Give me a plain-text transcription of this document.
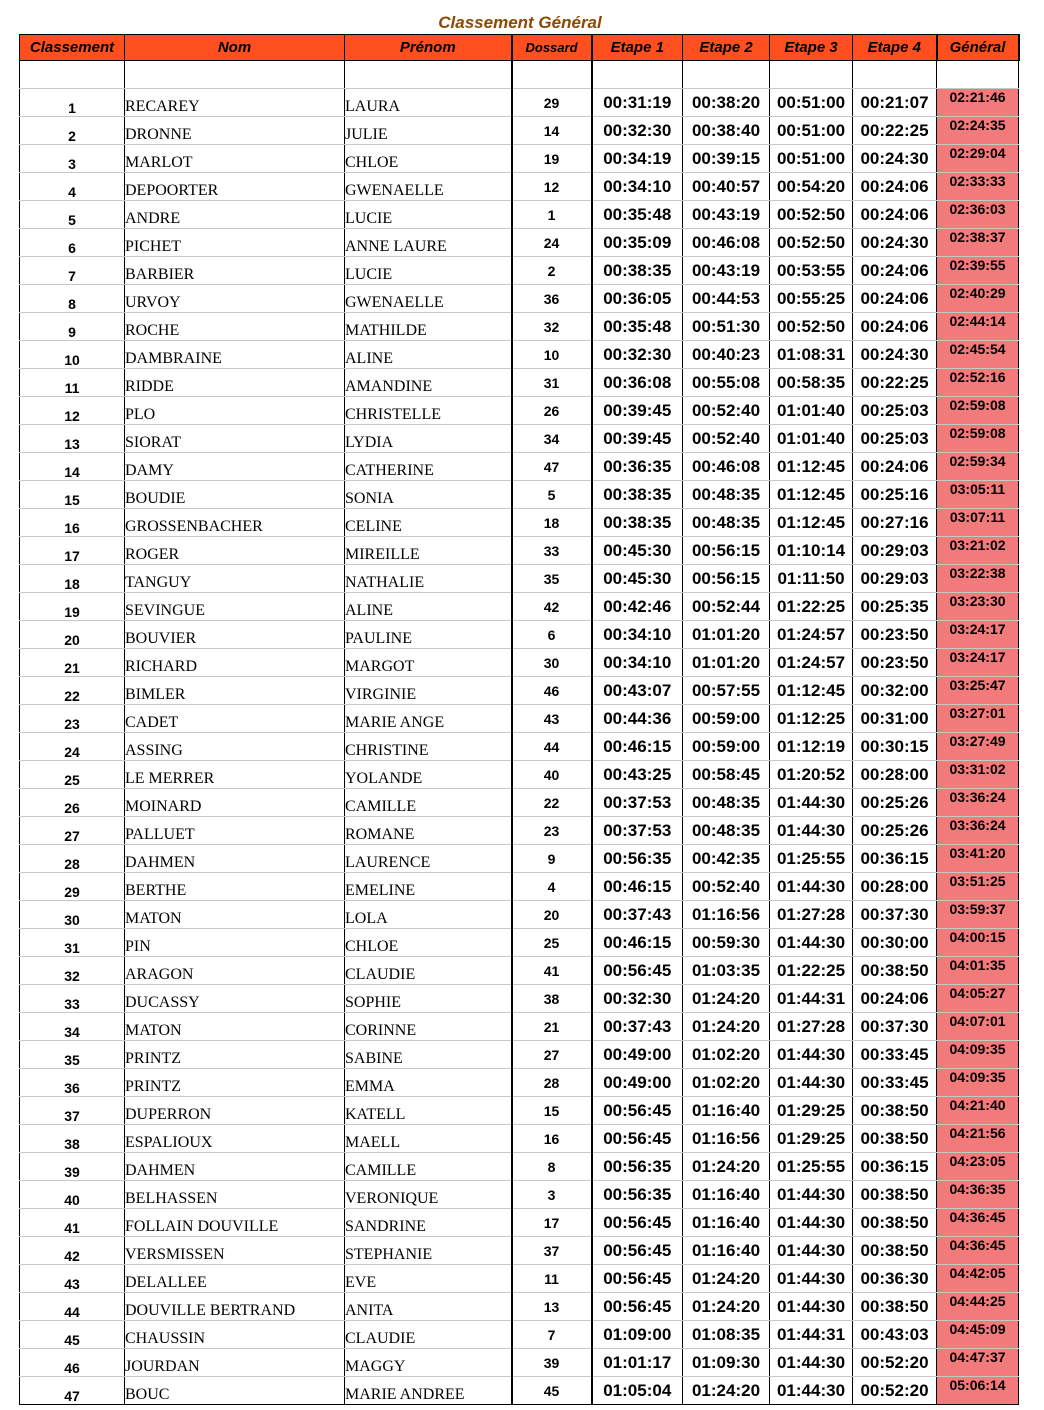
Classement Général
Classement	Nom	Prénom	Dossard	Etape 1	Etape 2	Etape 3	Etape 4	Général

1	RECAREY	LAURA	29	00:31:19	00:38:20	00:51:00	00:21:07	02:21:46
2	DRONNE	JULIE	14	00:32:30	00:38:40	00:51:00	00:22:25	02:24:35
3	MARLOT	CHLOE	19	00:34:19	00:39:15	00:51:00	00:24:30	02:29:04
4	DEPOORTER	GWENAELLE	12	00:34:10	00:40:57	00:54:20	00:24:06	02:33:33
5	ANDRE	LUCIE	1	00:35:48	00:43:19	00:52:50	00:24:06	02:36:03
6	PICHET	ANNE LAURE	24	00:35:09	00:46:08	00:52:50	00:24:30	02:38:37
7	BARBIER	LUCIE	2	00:38:35	00:43:19	00:53:55	00:24:06	02:39:55
8	URVOY	GWENAELLE	36	00:36:05	00:44:53	00:55:25	00:24:06	02:40:29
9	ROCHE	MATHILDE	32	00:35:48	00:51:30	00:52:50	00:24:06	02:44:14
10	DAMBRAINE	ALINE	10	00:32:30	00:40:23	01:08:31	00:24:30	02:45:54
11	RIDDE	AMANDINE	31	00:36:08	00:55:08	00:58:35	00:22:25	02:52:16
12	PLO	CHRISTELLE	26	00:39:45	00:52:40	01:01:40	00:25:03	02:59:08
13	SIORAT	LYDIA	34	00:39:45	00:52:40	01:01:40	00:25:03	02:59:08
14	DAMY	CATHERINE	47	00:36:35	00:46:08	01:12:45	00:24:06	02:59:34
15	BOUDIE	SONIA	5	00:38:35	00:48:35	01:12:45	00:25:16	03:05:11
16	GROSSENBACHER	CELINE	18	00:38:35	00:48:35	01:12:45	00:27:16	03:07:11
17	ROGER	MIREILLE	33	00:45:30	00:56:15	01:10:14	00:29:03	03:21:02
18	TANGUY	NATHALIE	35	00:45:30	00:56:15	01:11:50	00:29:03	03:22:38
19	SEVINGUE	ALINE	42	00:42:46	00:52:44	01:22:25	00:25:35	03:23:30
20	BOUVIER	PAULINE	6	00:34:10	01:01:20	01:24:57	00:23:50	03:24:17
21	RICHARD	MARGOT	30	00:34:10	01:01:20	01:24:57	00:23:50	03:24:17
22	BIMLER	VIRGINIE	46	00:43:07	00:57:55	01:12:45	00:32:00	03:25:47
23	CADET	MARIE ANGE	43	00:44:36	00:59:00	01:12:25	00:31:00	03:27:01
24	ASSING	CHRISTINE	44	00:46:15	00:59:00	01:12:19	00:30:15	03:27:49
25	LE MERRER	YOLANDE	40	00:43:25	00:58:45	01:20:52	00:28:00	03:31:02
26	MOINARD	CAMILLE	22	00:37:53	00:48:35	01:44:30	00:25:26	03:36:24
27	PALLUET	ROMANE	23	00:37:53	00:48:35	01:44:30	00:25:26	03:36:24
28	DAHMEN	LAURENCE	9	00:56:35	00:42:35	01:25:55	00:36:15	03:41:20
29	BERTHE	EMELINE	4	00:46:15	00:52:40	01:44:30	00:28:00	03:51:25
30	MATON	LOLA	20	00:37:43	01:16:56	01:27:28	00:37:30	03:59:37
31	PIN	CHLOE	25	00:46:15	00:59:30	01:44:30	00:30:00	04:00:15
32	ARAGON	CLAUDIE	41	00:56:45	01:03:35	01:22:25	00:38:50	04:01:35
33	DUCASSY	SOPHIE	38	00:32:30	01:24:20	01:44:31	00:24:06	04:05:27
34	MATON	CORINNE	21	00:37:43	01:24:20	01:27:28	00:37:30	04:07:01
35	PRINTZ	SABINE	27	00:49:00	01:02:20	01:44:30	00:33:45	04:09:35
36	PRINTZ	EMMA	28	00:49:00	01:02:20	01:44:30	00:33:45	04:09:35
37	DUPERRON	KATELL	15	00:56:45	01:16:40	01:29:25	00:38:50	04:21:40
38	ESPALIOUX	MAELL	16	00:56:45	01:16:56	01:29:25	00:38:50	04:21:56
39	DAHMEN	CAMILLE	8	00:56:35	01:24:20	01:25:55	00:36:15	04:23:05
40	BELHASSEN	VERONIQUE	3	00:56:35	01:16:40	01:44:30	00:38:50	04:36:35
41	FOLLAIN DOUVILLE	SANDRINE	17	00:56:45	01:16:40	01:44:30	00:38:50	04:36:45
42	VERSMISSEN	STEPHANIE	37	00:56:45	01:16:40	01:44:30	00:38:50	04:36:45
43	DELALLEE	EVE	11	00:56:45	01:24:20	01:44:30	00:36:30	04:42:05
44	DOUVILLE BERTRAND	ANITA	13	00:56:45	01:24:20	01:44:30	00:38:50	04:44:25
45	CHAUSSIN	CLAUDIE	7	01:09:00	01:08:35	01:44:31	00:43:03	04:45:09
46	JOURDAN	MAGGY	39	01:01:17	01:09:30	01:44:30	00:52:20	04:47:37
47	BOUC	MARIE ANDREE	45	01:05:04	01:24:20	01:44:30	00:52:20	05:06:14
